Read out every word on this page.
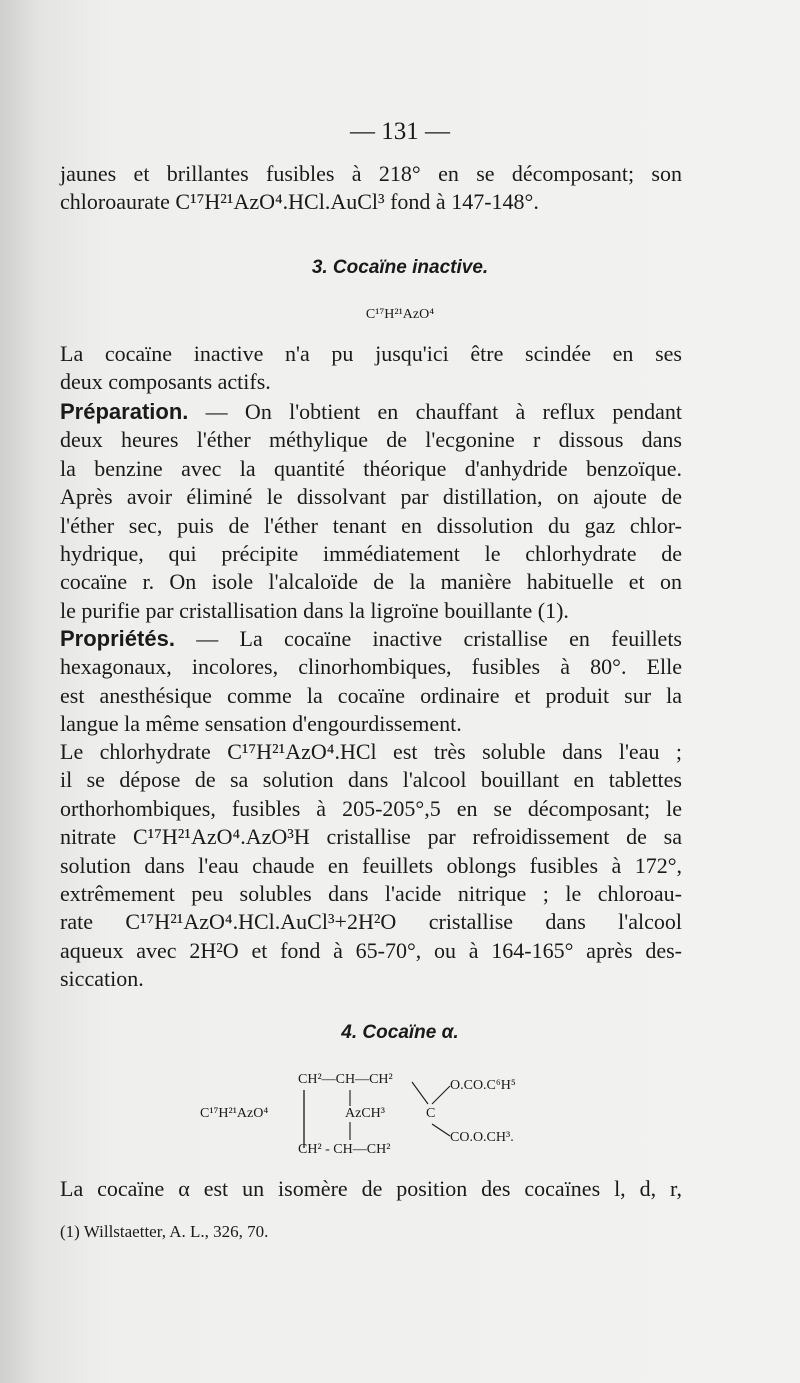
— 131 —
jaunes et brillantes fusibles à 218° en se décomposant; son
chloroaurate C¹⁷H²¹AzO⁴.HCl.AuCl³ fond à 147-148°.
3. Cocaïne inactive.
C¹⁷H²¹AzO⁴
La cocaïne inactive n'a pu jusqu'ici être scindée en ses
deux composants actifs.
Préparation. — On l'obtient en chauffant à reflux pendant
deux heures l'éther méthylique de l'ecgonine r dissous dans
la benzine avec la quantité théorique d'anhydride benzoïque.
Après avoir éliminé le dissolvant par distillation, on ajoute de
l'éther sec, puis de l'éther tenant en dissolution du gaz chlor-
hydrique, qui précipite immédiatement le chlorhydrate de
cocaïne r. On isole l'alcaloïde de la manière habituelle et on
le purifie par cristallisation dans la ligroïne bouillante (1).
Propriétés. — La cocaïne inactive cristallise en feuillets
hexagonaux, incolores, clinorhombiques, fusibles à 80°. Elle
est anesthésique comme la cocaïne ordinaire et produit sur la
langue la même sensation d'engourdissement.
Le chlorhydrate C¹⁷H²¹AzO⁴.HCl est très soluble dans l'eau ;
il se dépose de sa solution dans l'alcool bouillant en tablettes
orthorhombiques, fusibles à 205-205°,5 en se décomposant; le
nitrate C¹⁷H²¹AzO⁴.AzO³H cristallise par refroidissement de sa
solution dans l'eau chaude en feuillets oblongs fusibles à 172°,
extrêmement peu solubles dans l'acide nitrique ; le chloroau-
rate C¹⁷H²¹AzO⁴.HCl.AuCl³+2H²O cristallise dans l'alcool
aqueux avec 2H²O et fond à 65-70°, ou à 164-165° après des-
siccation.
4. Cocaïne α.
CH²—CH—CH²
C¹⁷H²¹AzO⁴	AzCH³	C
CH² - CH—CH²
O.CO.C⁶H⁵
CO.O.CH³.
La cocaïne α est un isomère de position des cocaïnes l, d, r,
(1) Willstaetter, A. L., 326, 70.
